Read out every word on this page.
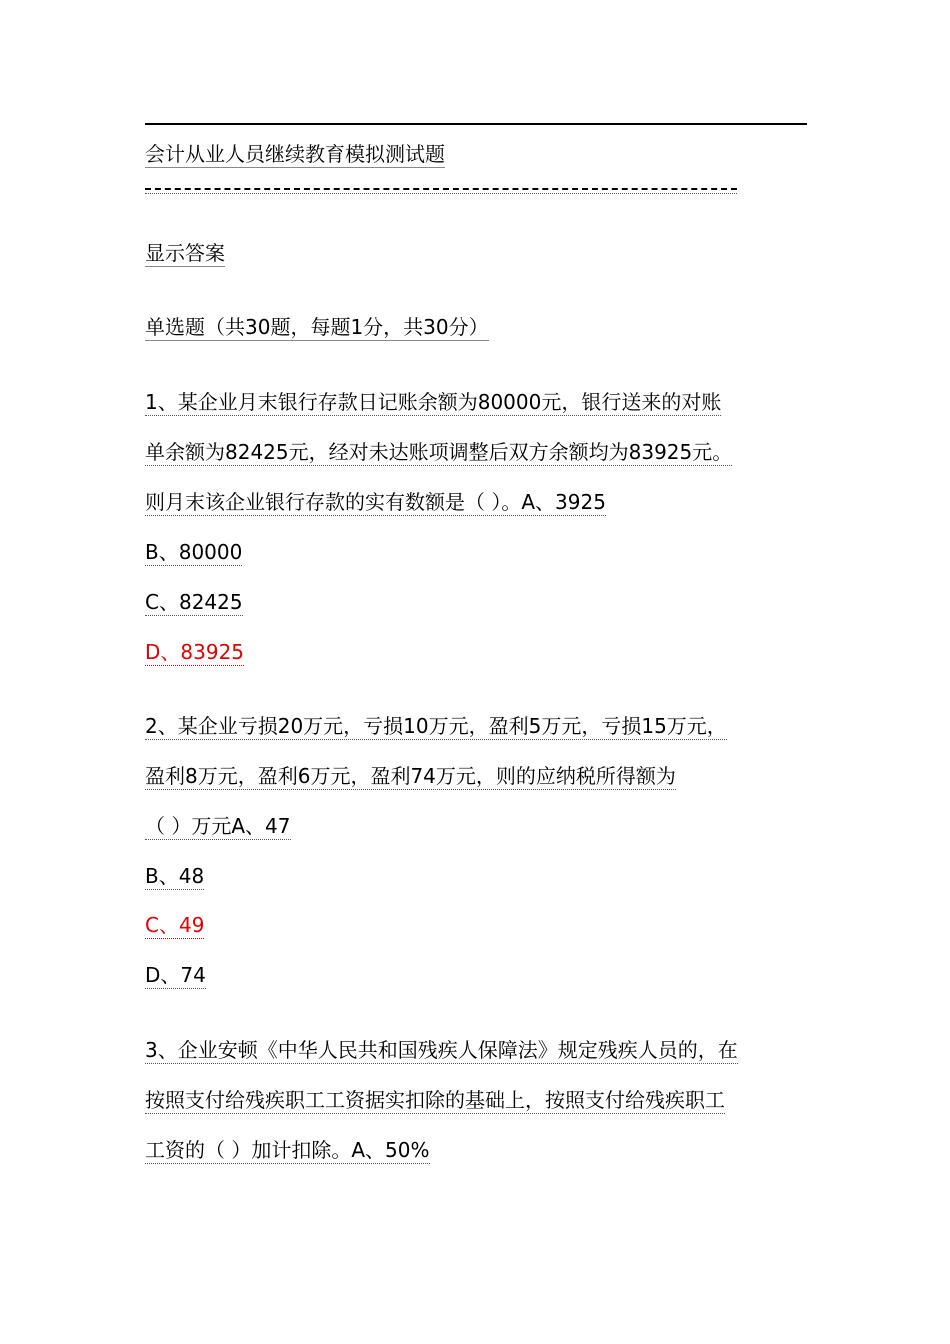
会计从业人员继续教育模拟测试题
显示答案
单选题（共30题，每题1分，共30分）
1、某企业月末银行存款日记账余额为80000元，银行送来的对账
单余额为82425元，经对未达账项调整后双方余额均为83925元。
则月末该企业银行存款的实有数额是（ ）。A、3925
B、80000
C、82425
D、83925
2、某企业亏损20万元，亏损10万元，盈利5万元，亏损15万元，
盈利8万元，盈利6万元，盈利74万元，则的应纳税所得额为
（ ）万元A、47
B、48
C、49
D、74
3、企业安顿《中华人民共和国残疾人保障法》规定残疾人员的，在
按照支付给残疾职工工资据实扣除的基础上，按照支付给残疾职工
工资的（ ）加计扣除。A、50%
